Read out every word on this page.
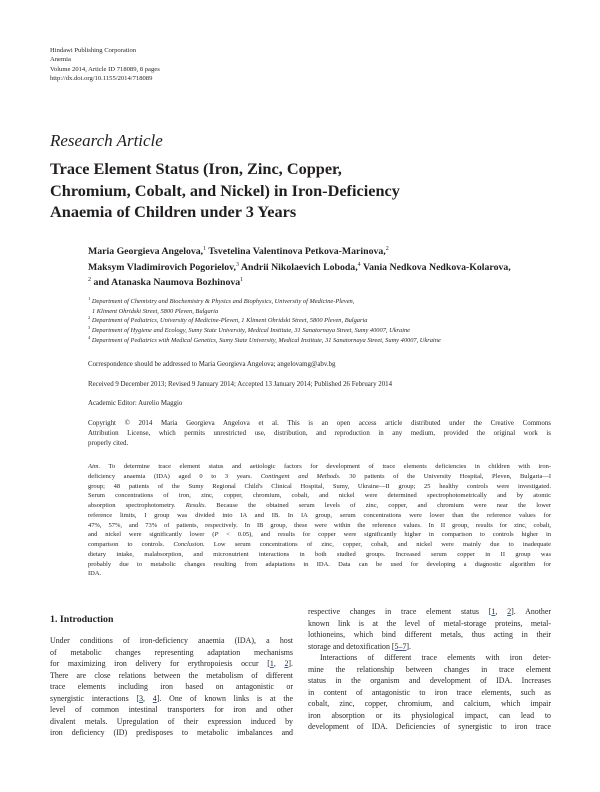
Hindawi Publishing Corporation
Anemia
Volume 2014, Article ID 718089, 8 pages
http://dx.doi.org/10.1155/2014/718089
Research Article
Trace Element Status (Iron, Zinc, Copper,
Chromium, Cobalt, and Nickel) in Iron-Deficiency
Anaemia of Children under 3 Years
Maria Georgieva Angelova,$^1$ Tsvetelina Valentinova Petkova-Marinova,$^2$
Maksym Vladimirovich Pogorielov,$^3$ Andrii Nikolaevich Loboda,$^4$ Vania Nedkova Nedkova-Kolarova,
$^2$ and Atanaska Naumova Bozhinova$^1$
$^1$ Department of Chemistry and Biochemistry & Physics and Biophysics, University of Medicine-Pleven,
1 Kliment Ohridski Street, 5800 Pleven, Bulgaria
$^2$ Department of Pediatrics, University of Medicine-Pleven, 1 Kliment Ohridski Street, 5800 Pleven, Bulgaria
$^3$ Department of Hygiene and Ecology, Sumy State University, Medical Institute, 31 Sanatornaya Street, Sumy 40007, Ukraine
$^4$ Department of Pediatrics with Medical Genetics, Sumy State University, Medical Institute, 31 Sanatornaya Street, Sumy 40007, Ukraine
Correspondence should be addressed to Maria Georgieva Angelova; angelovamg@abv.bg
Received 9 December 2013; Revised 9 January 2014; Accepted 13 January 2014; Published 26 February 2014
Academic Editor: Aurelio Maggio
Copyright © 2014 Maria Georgieva Angelova et al. This is an open access article distributed under the Creative Commons
Attribution License, which permits unrestricted use, distribution, and reproduction in any medium, provided the original work is
properly cited.
Aim. To determine trace element status and aetiologic factors for development of trace elements deficiencies in children with iron-
deficiency anaemia (IDA) aged 0 to 3 years. Contingent and Methods. 30 patients of the University Hospital, Pleven, Bulgaria—I
group; 48 patients of the Sumy Regional Child's Clinical Hospital, Sumy, Ukraine—II group; 25 healthy controls were investigated.
Serum concentrations of iron, zinc, copper, chromium, cobalt, and nickel were determined spectrophotometrically and by atomic
absorption spectrophotometry. Results. Because the obtained serum levels of zinc, copper, and chromium were near the lower
reference limits, I group was divided into IA and IB. In IA group, serum concentrations were lower than the reference values for
47%, 57%, and 73% of patients, respectively. In IB group, these were within the reference values. In II group, results for zinc, cobalt,
and nickel were significantly lower (P < 0.05), and results for copper were significantly higher in comparison to controls higher in
comparison to controls. Conclusion. Low serum concentrations of zinc, copper, cobalt, and nickel were mainly due to inadequate
dietary intake, malabsorption, and micronutrient interactions in both studied groups. Increased serum copper in II group was
probably due to metabolic changes resulting from adaptations in IDA. Data can be used for developing a diagnostic algorithm for
IDA.
1. Introduction
Under conditions of iron-deficiency anaemia (IDA), a host
of metabolic changes representing adaptation mechanisms
for maximizing iron delivery for erythropoiesis occur [1, 2].
There are close relations between the metabolism of different
trace elements including iron based on antagonistic or
synergistic interactions [3, 4]. One of known links is at the
level of common intestinal transporters for iron and other
divalent metals. Upregulation of their expression induced by
iron deficiency (ID) predisposes to metabolic imbalances and
respective changes in trace element status [1, 2]. Another
known link is at the level of metal-storage proteins, metal-
lothioneins, which bind different metals, thus acting in their
storage and detoxification [5–7].
Interactions of different trace elements with iron deter-
mine the relationship between changes in trace element
status in the organism and development of IDA. Increases
in content of antagonistic to iron trace elements, such as
cobalt, zinc, copper, chromium, and calcium, which impair
iron absorption or its physiological impact, can lead to
development of IDA. Deficiencies of synergistic to iron trace
